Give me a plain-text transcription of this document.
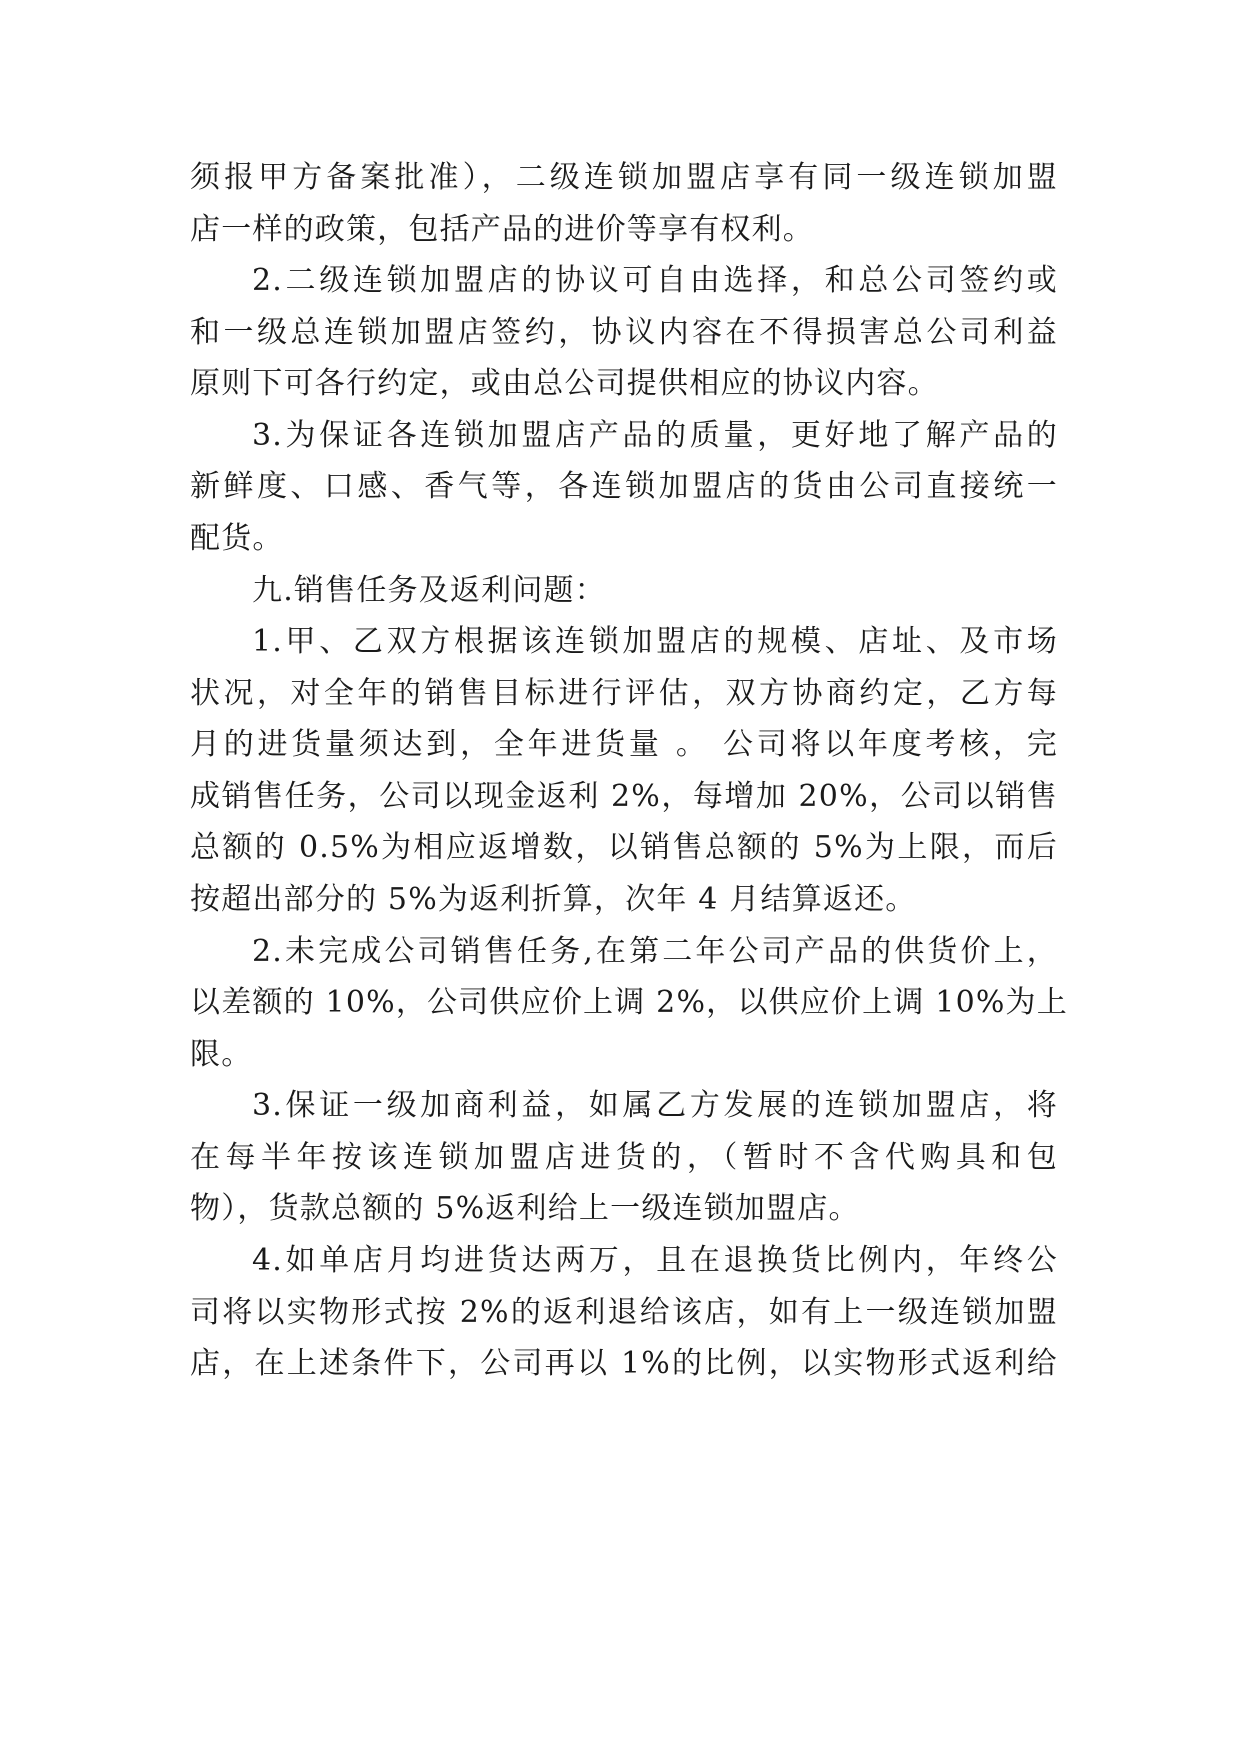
须报甲方备案批准），二级连锁加盟店享有同一级连锁加盟
店一样的政策，包括产品的进价等享有权利。
2.二级连锁加盟店的协议可自由选择，和总公司签约或
和一级总连锁加盟店签约，协议内容在不得损害总公司利益
原则下可各行约定，或由总公司提供相应的协议内容。
3.为保证各连锁加盟店产品的质量，更好地了解产品的
新鲜度、口感、香气等，各连锁加盟店的货由公司直接统一
配货。
九.销售任务及返利问题：
1.甲、乙双方根据该连锁加盟店的规模、店址、及市场
状况，对全年的销售目标进行评估，双方协商约定，乙方每
月的进货量须达到，全年进货量 。 公司将以年度考核，完
成销售任务，公司以现金返利 2%，每增加 20%，公司以销售
总额的 0.5%为相应返增数，以销售总额的 5%为上限，而后
按超出部分的 5%为返利折算，次年 4 月结算返还。
2.未完成公司销售任务,在第二年公司产品的供货价上，
以差额的 10%，公司供应价上调 2%，以供应价上调 10%为上
限。
3.保证一级加商利益，如属乙方发展的连锁加盟店，将
在每半年按该连锁加盟店进货的，（暂时不含代购具和包
物），货款总额的 5%返利给上一级连锁加盟店。
4.如单店月均进货达两万，且在退换货比例内，年终公
司将以实物形式按 2%的返利退给该店，如有上一级连锁加盟
店，在上述条件下，公司再以 1%的比例，以实物形式返利给
